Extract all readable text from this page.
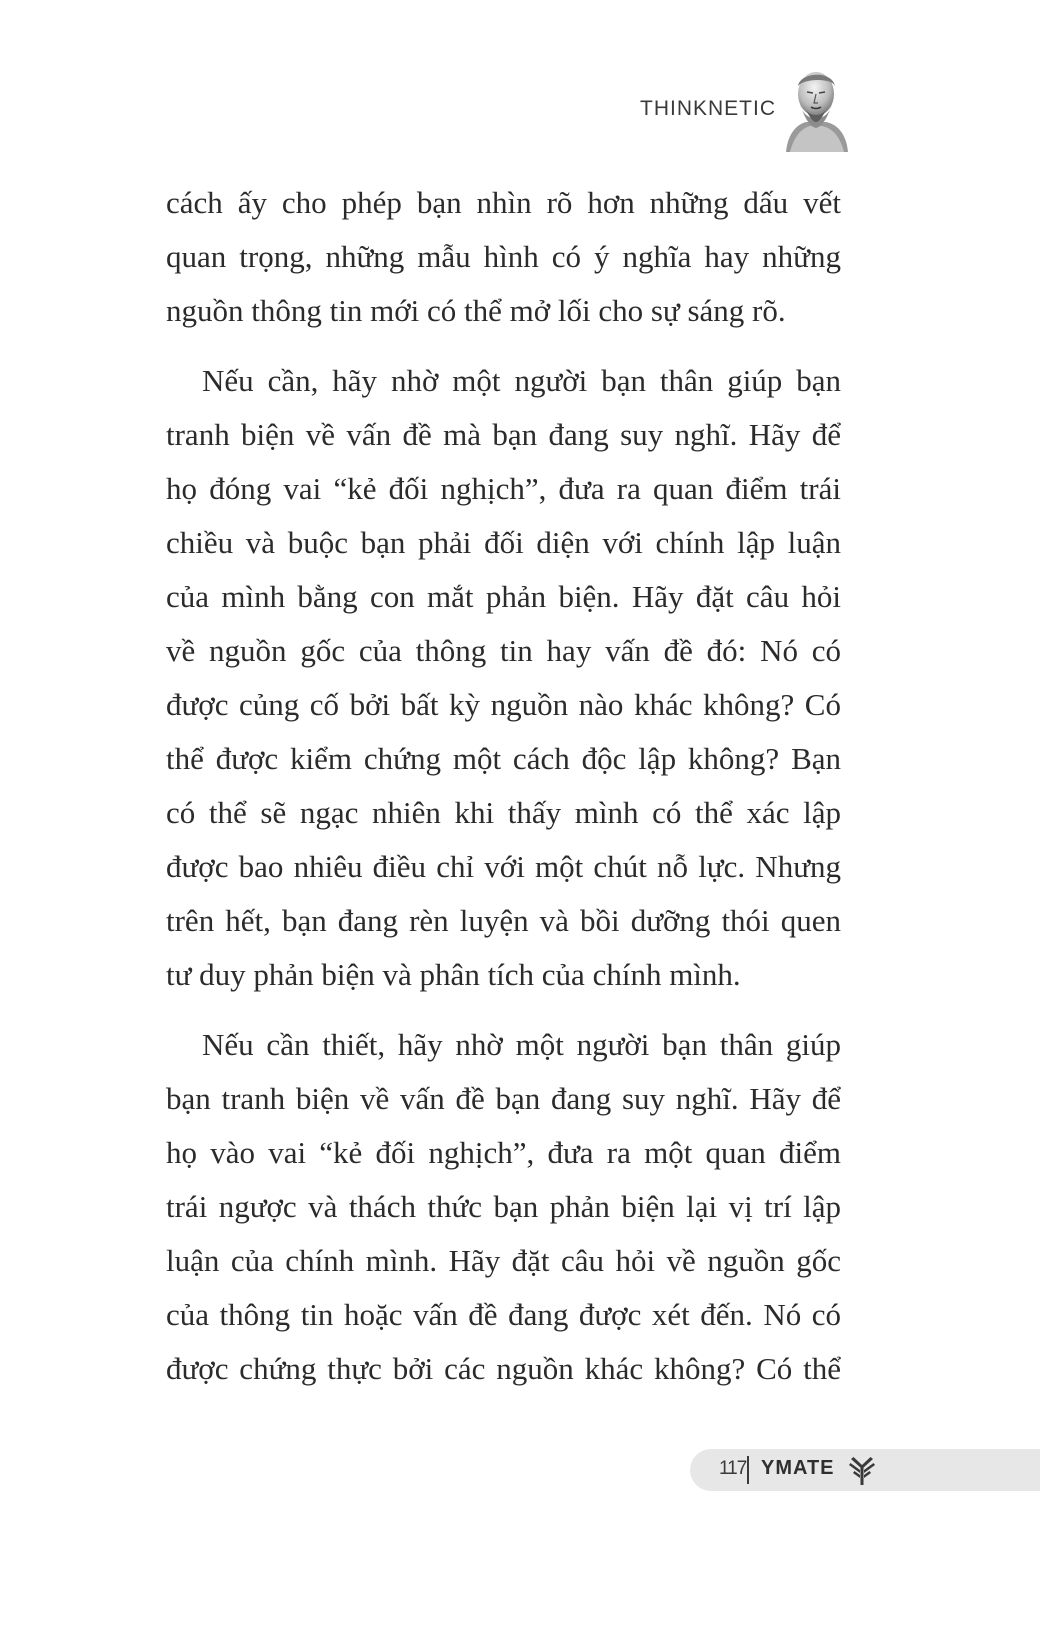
THINKNETIC

cách ấy cho phép bạn nhìn rõ hơn những dấu vết
quan trọng, những mẫu hình có ý nghĩa hay những
nguồn thông tin mới có thể mở lối cho sự sáng rõ.

Nếu cần, hãy nhờ một người bạn thân giúp bạn
tranh biện về vấn đề mà bạn đang suy nghĩ. Hãy để
họ đóng vai “kẻ đối nghịch”, đưa ra quan điểm trái
chiều và buộc bạn phải đối diện với chính lập luận
của mình bằng con mắt phản biện. Hãy đặt câu hỏi
về nguồn gốc của thông tin hay vấn đề đó: Nó có
được củng cố bởi bất kỳ nguồn nào khác không? Có
thể được kiểm chứng một cách độc lập không? Bạn
có thể sẽ ngạc nhiên khi thấy mình có thể xác lập
được bao nhiêu điều chỉ với một chút nỗ lực. Nhưng
trên hết, bạn đang rèn luyện và bồi dưỡng thói quen
tư duy phản biện và phân tích của chính mình.

Nếu cần thiết, hãy nhờ một người bạn thân giúp
bạn tranh biện về vấn đề bạn đang suy nghĩ. Hãy để
họ vào vai “kẻ đối nghịch”, đưa ra một quan điểm
trái ngược và thách thức bạn phản biện lại vị trí lập
luận của chính mình. Hãy đặt câu hỏi về nguồn gốc
của thông tin hoặc vấn đề đang được xét đến. Nó có
được chứng thực bởi các nguồn khác không? Có thể

117 YMATE
